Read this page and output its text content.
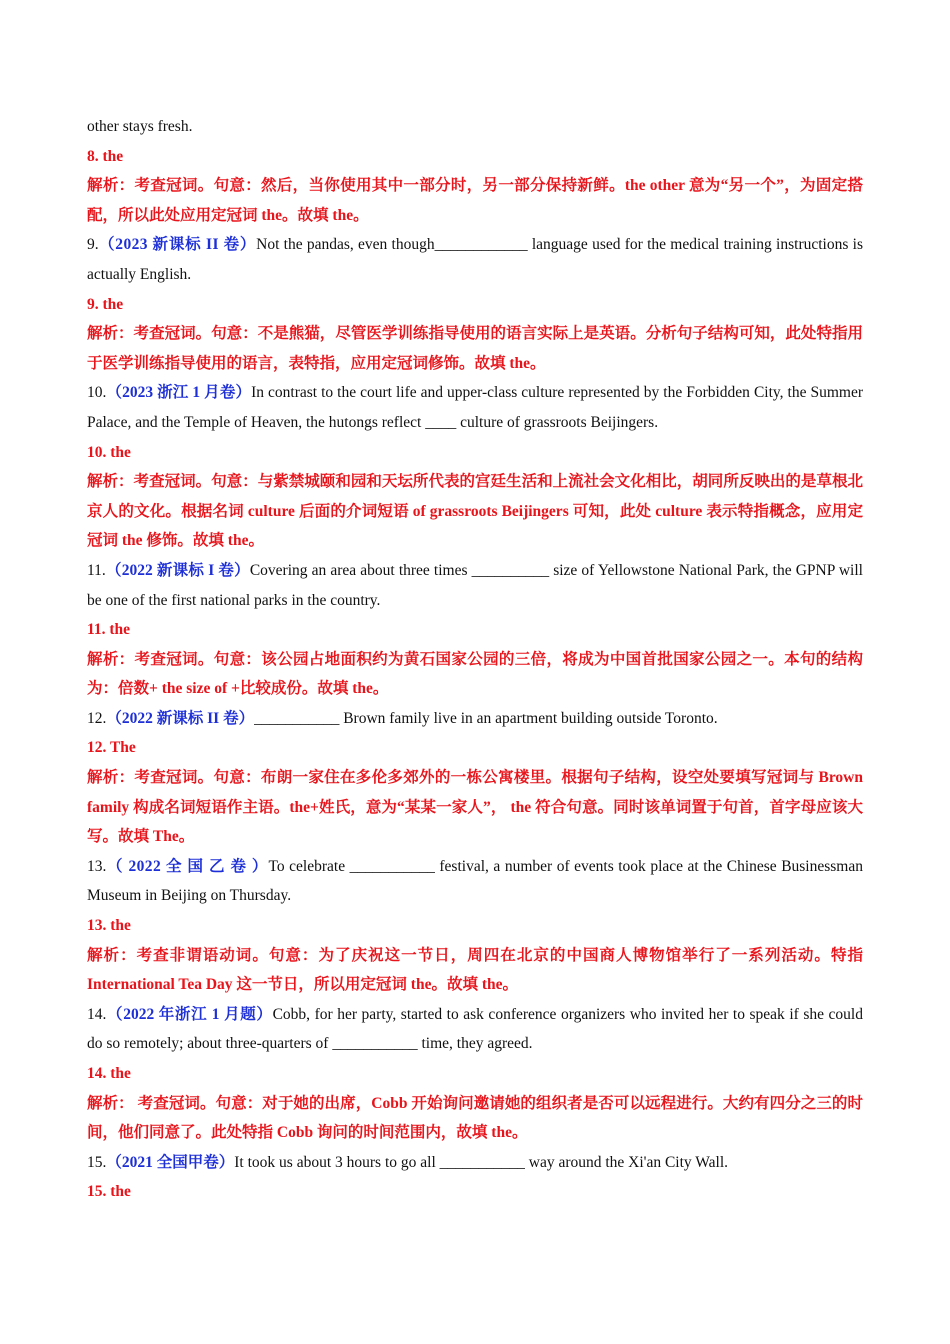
other stays fresh.

8. the

解析：考查冠词。句意：然后，当你使用其中一部分时，另一部分保持新鲜。the other 意为“另一个”，为固定搭配，所以此处应用定冠词 the。故填 the。

9.（2023 新课标 II 卷）Not the pandas, even though____________ language used for the medical training instructions is actually English.

9. the

解析：考查冠词。句意：不是熊猫，尽管医学训练指导使用的语言实际上是英语。分析句子结构可知，此处特指用于医学训练指导使用的语言，表特指，应用定冠词修饰。故填 the。

10.（2023 浙江 1 月卷）In contrast to the court life and upper-class culture represented by the Forbidden City, the Summer Palace, and the Temple of Heaven, the hutongs reflect ____ culture of grassroots Beijingers.

10. the

解析：考查冠词。句意：与紫禁城颐和园和天坛所代表的宫廷生活和上流社会文化相比，胡同所反映出的是草根北京人的文化。根据名词 culture 后面的介词短语 of grassroots Beijingers 可知，此处 culture 表示特指概念，应用定冠词 the 修饰。故填 the。

11.（2022 新课标 I 卷）Covering an area about three times __________ size of Yellowstone National Park, the GPNP will be one of the first national parks in the country.

11. the

解析：考查冠词。句意：该公园占地面积约为黄石国家公园的三倍，将成为中国首批国家公园之一。本句的结构为：倍数+ the size of +比较成份。故填 the。

12.（2022 新课标 II 卷）___________ Brown family live in an apartment building outside Toronto.

12. The

解析：考查冠词。句意：布朗一家住在多伦多郊外的一栋公寓楼里。根据句子结构，设空处要填写冠词与 Brown family 构成名词短语作主语。the+姓氏，意为“某某一家人”， the 符合句意。同时该单词置于句首，首字母应该大写。故填 The。

13.（ 2022 全 国 乙 卷 ）To celebrate ___________ festival, a number of events took place at the Chinese Businessman Museum in Beijing on Thursday.

13. the

解析：考查非谓语动词。句意：为了庆祝这一节日，周四在北京的中国商人博物馆举行了一系列活动。特指 International Tea Day 这一节日，所以用定冠词 the。故填 the。

14.（2022 年浙江 1 月题）Cobb, for her party, started to ask conference organizers who invited her to speak if she could do so remotely; about three-quarters of ___________ time, they agreed.

14. the

解析： 考查冠词。句意：对于她的出席，Cobb 开始询问邀请她的组织者是否可以远程进行。大约有四分之三的时间，他们同意了。此处特指 Cobb 询问的时间范围内，故填 the。

15.（2021 全国甲卷）It took us about 3 hours to go all ___________ way around the Xi'an City Wall.

15. the
